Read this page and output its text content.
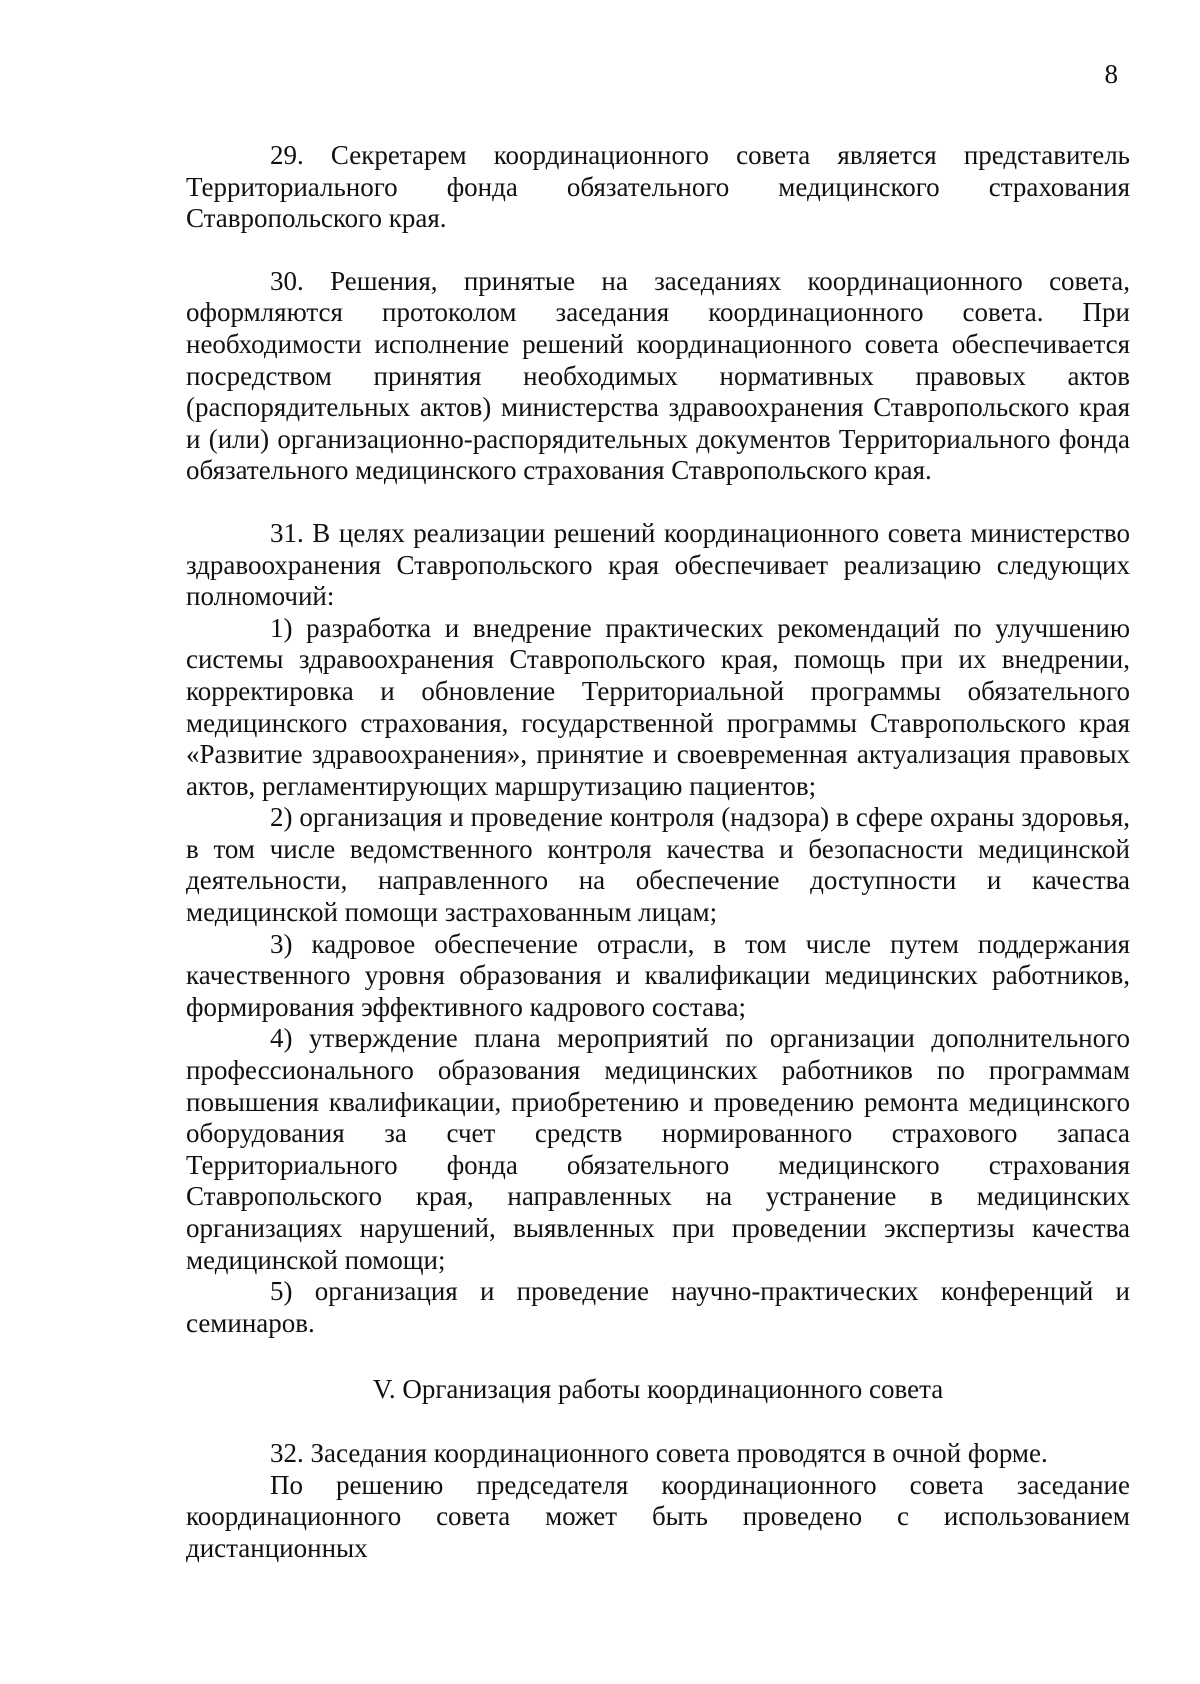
8

29. Секретарем координационного совета является представитель Территориального фонда обязательного медицинского страхования Ставропольского края.

30. Решения, принятые на заседаниях координационного совета, оформляются протоколом заседания координационного совета. При необходимости исполнение решений координационного совета обеспечивается посредством принятия необходимых нормативных правовых актов (распорядительных актов) министерства здравоохранения Ставропольского края и (или) организационно-распорядительных документов Территориального фонда обязательного медицинского страхования Ставропольского края.

31. В целях реализации решений координационного совета министерство здравоохранения Ставропольского края обеспечивает реализацию следующих полномочий:

1) разработка и внедрение практических рекомендаций по улучшению системы здравоохранения Ставропольского края, помощь при их внедрении, корректировка и обновление Территориальной программы обязательного медицинского страхования, государственной программы Ставропольского края «Развитие здравоохранения», принятие и своевременная актуализация правовых актов, регламентирующих маршрутизацию пациентов;

2) организация и проведение контроля (надзора) в сфере охраны здоровья, в том числе ведомственного контроля качества и безопасности медицинской деятельности, направленного на обеспечение доступности и качества медицинской помощи застрахованным лицам;

3) кадровое обеспечение отрасли, в том числе путем поддержания качественного уровня образования и квалификации медицинских работников, формирования эффективного кадрового состава;

4) утверждение плана мероприятий по организации дополнительного профессионального образования медицинских работников по программам повышения квалификации, приобретению и проведению ремонта медицинского оборудования за счет средств нормированного страхового запаса Территориального фонда обязательного медицинского страхования Ставропольского края, направленных на устранение в медицинских организациях нарушений, выявленных при проведении экспертизы качества медицинской помощи;

5) организация и проведение научно-практических конференций и семинаров.

V. Организация работы координационного совета

32. Заседания координационного совета проводятся в очной форме.

По решению председателя координационного совета заседание координационного совета может быть проведено с использованием дистанционных
